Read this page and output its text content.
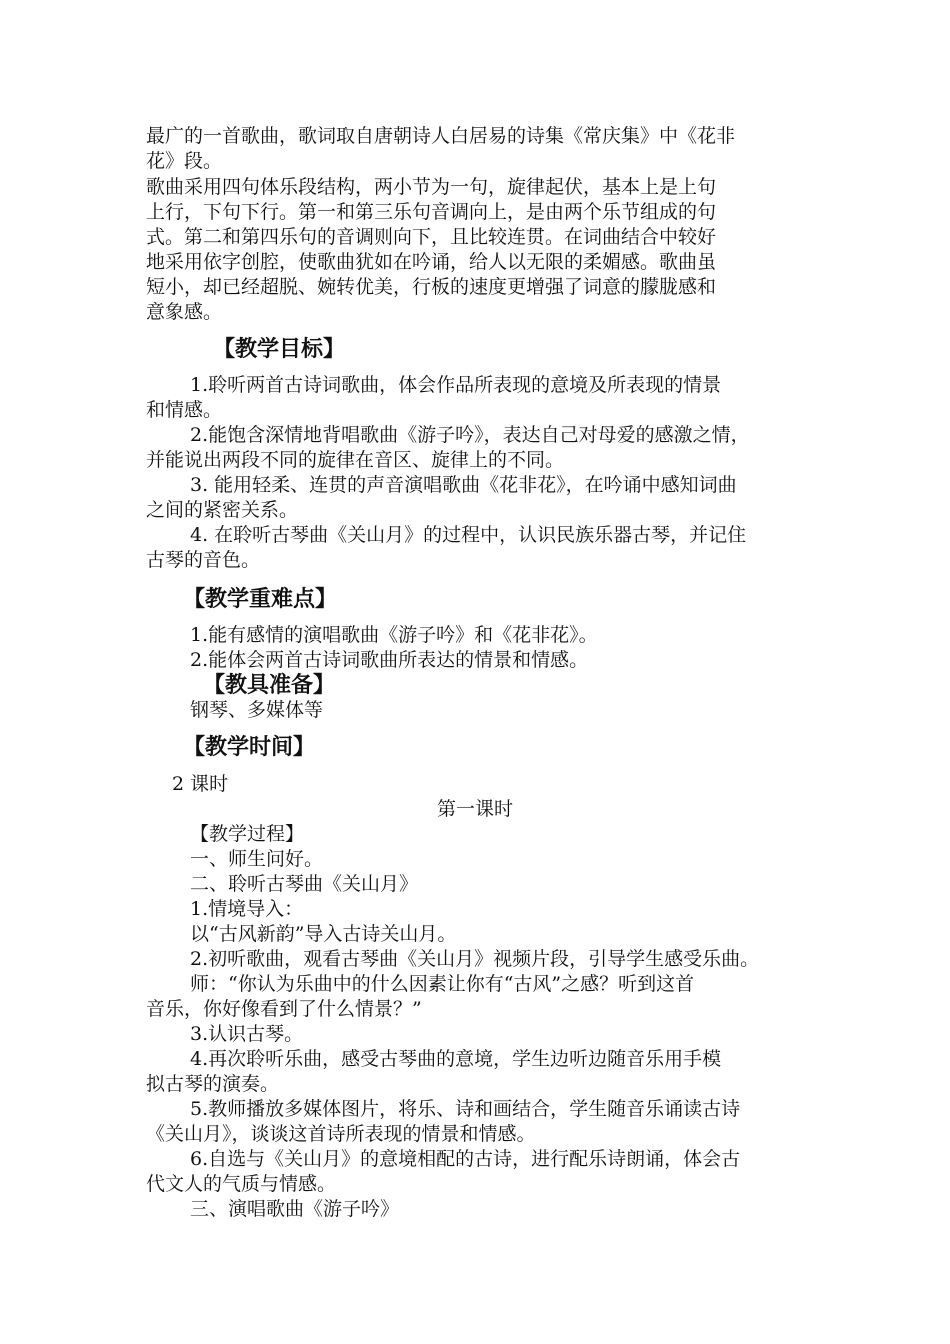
最广的一首歌曲，歌词取自唐朝诗人白居易的诗集《常庆集》中《花非
花》段。
歌曲采用四句体乐段结构，两小节为一句，旋律起伏，基本上是上句
上行，下句下行。第一和第三乐句音调向上，是由两个乐节组成的句
式。第二和第四乐句的音调则向下，且比较连贯。在词曲结合中较好
地采用依字创腔，使歌曲犹如在吟诵，给人以无限的柔媚感。歌曲虽
短小，却已经超脱、婉转优美，行板的速度更增强了词意的朦胧感和
意象感。
【教学目标】
1.聆听两首古诗词歌曲，体会作品所表现的意境及所表现的情景
和情感。
2.能饱含深情地背唱歌曲《游子吟》，表达自己对母爱的感激之情，
并能说出两段不同的旋律在音区、旋律上的不同。
3. 能用轻柔、连贯的声音演唱歌曲《花非花》，在吟诵中感知词曲
之间的紧密关系。
4. 在聆听古琴曲《关山月》的过程中，认识民族乐器古琴，并记住
古琴的音色。
【教学重难点】
1.能有感情的演唱歌曲《游子吟》和《花非花》。
2.能体会两首古诗词歌曲所表达的情景和情感。
【教具准备】
钢琴、多媒体等
【教学时间】
2 课时
第一课时
【教学过程】
一、师生问好。
二、聆听古琴曲《关山月》
1.情境导入：
以“古风新韵”导入古诗关山月。
2.初听歌曲，观看古琴曲《关山月》视频片段，引导学生感受乐曲。
师：“你认为乐曲中的什么因素让你有“古风”之感？听到这首
音乐，你好像看到了什么情景？”
3.认识古琴。
4.再次聆听乐曲，感受古琴曲的意境，学生边听边随音乐用手模
拟古琴的演奏。
5.教师播放多媒体图片，将乐、诗和画结合，学生随音乐诵读古诗
《关山月》，谈谈这首诗所表现的情景和情感。
6.自选与《关山月》的意境相配的古诗，进行配乐诗朗诵，体会古
代文人的气质与情感。
三、演唱歌曲《游子吟》
